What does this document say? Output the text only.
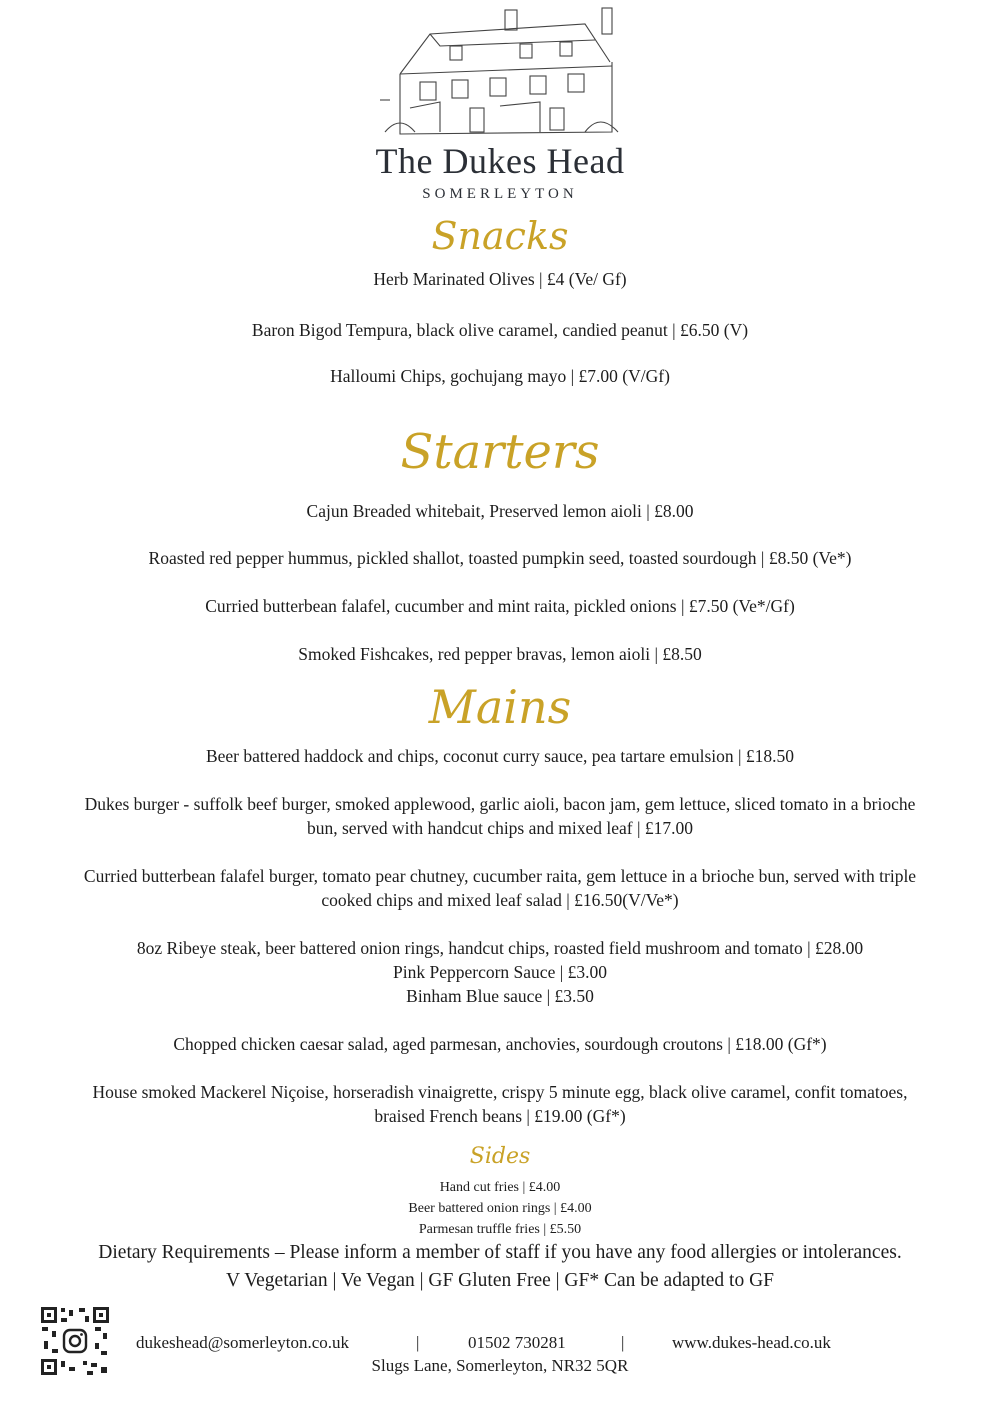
The Dukes Head
SOMERLEYTON
Snacks
Herb Marinated Olives | £4 (Ve/ Gf)
Baron Bigod Tempura, black olive caramel, candied peanut | £6.50 (V)
Halloumi Chips, gochujang mayo | £7.00 (V/Gf)
Starters
Cajun Breaded whitebait, Preserved lemon aioli | £8.00
Roasted red pepper hummus, pickled shallot, toasted pumpkin seed, toasted sourdough | £8.50 (Ve*)
Curried butterbean falafel, cucumber and mint raita, pickled onions | £7.50 (Ve*/Gf)
Smoked Fishcakes, red pepper bravas, lemon aioli | £8.50
Mains
Beer battered haddock and chips, coconut curry sauce, pea tartare emulsion | £18.50
Dukes burger - suffolk beef burger, smoked applewood, garlic aioli, bacon jam, gem lettuce, sliced tomato in a brioche
bun, served with handcut chips and mixed leaf | £17.00
Curried butterbean falafel burger, tomato pear chutney, cucumber raita, gem lettuce in a brioche bun, served with triple
cooked chips and mixed leaf salad | £16.50(V/Ve*)
8oz Ribeye steak, beer battered onion rings, handcut chips, roasted field mushroom and tomato | £28.00
Pink Peppercorn Sauce | £3.00
Binham Blue sauce | £3.50
Chopped chicken caesar salad, aged parmesan, anchovies, sourdough croutons | £18.00 (Gf*)
House smoked Mackerel Niçoise, horseradish vinaigrette, crispy 5 minute egg, black olive caramel, confit tomatoes,
braised French beans | £19.00 (Gf*)
Sides
Hand cut fries | £4.00
Beer battered onion rings | £4.00
Parmesan truffle fries | £5.50
Dietary Requirements – Please inform a member of staff if you have any food allergies or intolerances.
V Vegetarian | Ve Vegan | GF Gluten Free | GF* Can be adapted to GF
dukeshead@somerleyton.co.uk	|	01502 730281	|	www.dukes-head.co.uk
Slugs Lane, Somerleyton, NR32 5QR
